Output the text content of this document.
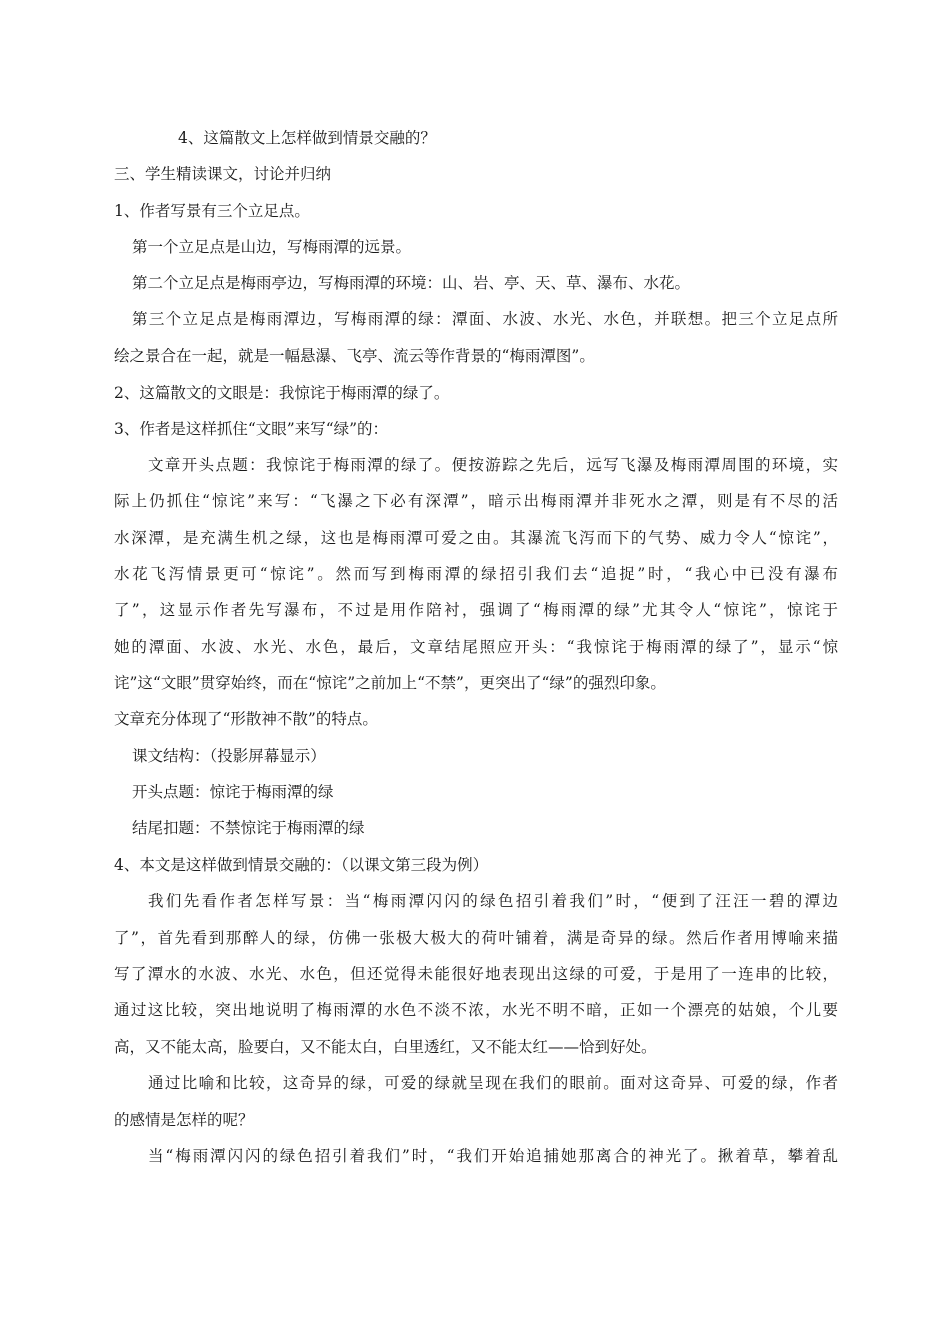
4、这篇散文上怎样做到情景交融的？
三、学生精读课文，讨论并归纳
1、作者写景有三个立足点。
第一个立足点是山边，写梅雨潭的远景。
第二个立足点是梅雨亭边，写梅雨潭的环境：山、岩、亭、天、草、瀑布、水花。
第三个立足点是梅雨潭边，写梅雨潭的绿：潭面、水波、水光、水色，并联想。把三个立足点所
绘之景合在一起，就是一幅悬瀑、飞亭、流云等作背景的“梅雨潭图”。
2、这篇散文的文眼是：我惊诧于梅雨潭的绿了。
3、作者是这样抓住“文眼”来写“绿”的：
文章开头点题：我惊诧于梅雨潭的绿了。便按游踪之先后，远写飞瀑及梅雨潭周围的环境，实
际上仍抓住“惊诧”来写：“飞瀑之下必有深潭”，暗示出梅雨潭并非死水之潭，则是有不尽的活
水深潭，是充满生机之绿，这也是梅雨潭可爱之由。其瀑流飞泻而下的气势、威力令人“惊诧”，
水花飞泻情景更可“惊诧”。然而写到梅雨潭的绿招引我们去“追捉”时，“我心中已没有瀑布
了”，这显示作者先写瀑布，不过是用作陪衬，强调了“梅雨潭的绿”尤其令人“惊诧”，惊诧于
她的潭面、水波、水光、水色，最后，文章结尾照应开头：“我惊诧于梅雨潭的绿了”，显示“惊
诧”这“文眼”贯穿始终，而在“惊诧”之前加上“不禁”，更突出了“绿”的强烈印象。
文章充分体现了“形散神不散”的特点。
课文结构：（投影屏幕显示）
开头点题：惊诧于梅雨潭的绿
结尾扣题：不禁惊诧于梅雨潭的绿
4、本文是这样做到情景交融的：（以课文第三段为例）
我们先看作者怎样写景：当“梅雨潭闪闪的绿色招引着我们”时，“便到了汪汪一碧的潭边
了”，首先看到那醉人的绿，仿佛一张极大极大的荷叶铺着，满是奇异的绿。然后作者用博喻来描
写了潭水的水波、水光、水色，但还觉得未能很好地表现出这绿的可爱，于是用了一连串的比较，
通过这比较，突出地说明了梅雨潭的水色不淡不浓，水光不明不暗，正如一个漂亮的姑娘，个儿要
高，又不能太高，脸要白，又不能太白，白里透红，又不能太红——恰到好处。
通过比喻和比较，这奇异的绿，可爱的绿就呈现在我们的眼前。面对这奇异、可爱的绿，作者
的感情是怎样的呢？
当“梅雨潭闪闪的绿色招引着我们”时，“我们开始追捕她那离合的神光了。揪着草，攀着乱
